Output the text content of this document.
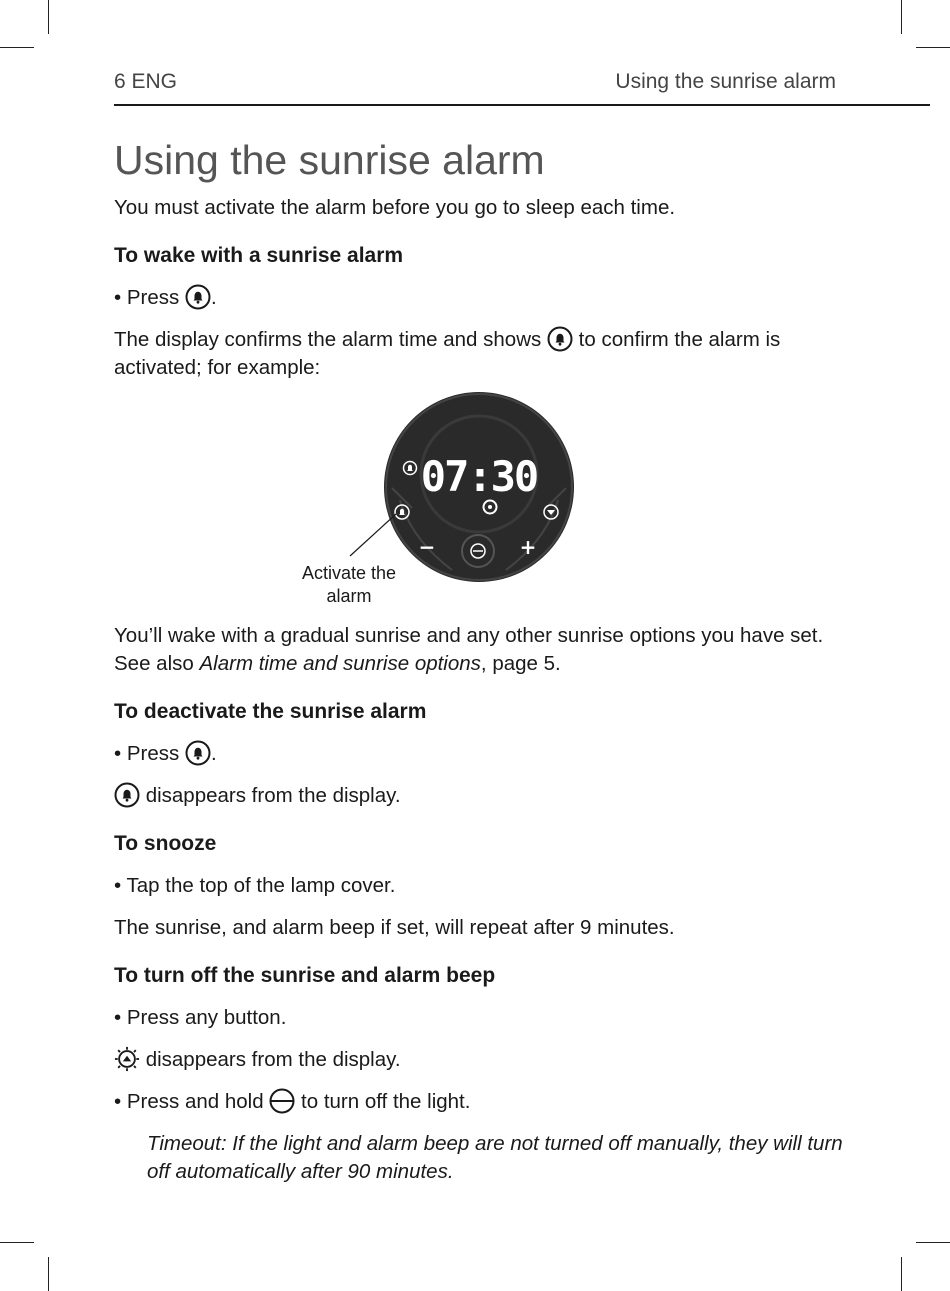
6 ENG	Using the sunrise alarm
Using the sunrise alarm

You must activate the alarm before you go to sleep each time.

To wake with a sunrise alarm

• Press .

The display confirms the alarm time and shows  to confirm the alarm is activated; for example:

07:30
−	+
Activate the
alarm

You’ll wake with a gradual sunrise and any other sunrise options you have set. See also Alarm time and sunrise options, page 5.

To deactivate the sunrise alarm

• Press .

disappears from the display.

To snooze

• Tap the top of the lamp cover.

The sunrise, and alarm beep if set, will repeat after 9 minutes.

To turn off the sunrise and alarm beep

• Press any button.

disappears from the display.

• Press and hold  to turn off the light.

Timeout: If the light and alarm beep are not turned off manually, they will turn off automatically after 90 minutes.
